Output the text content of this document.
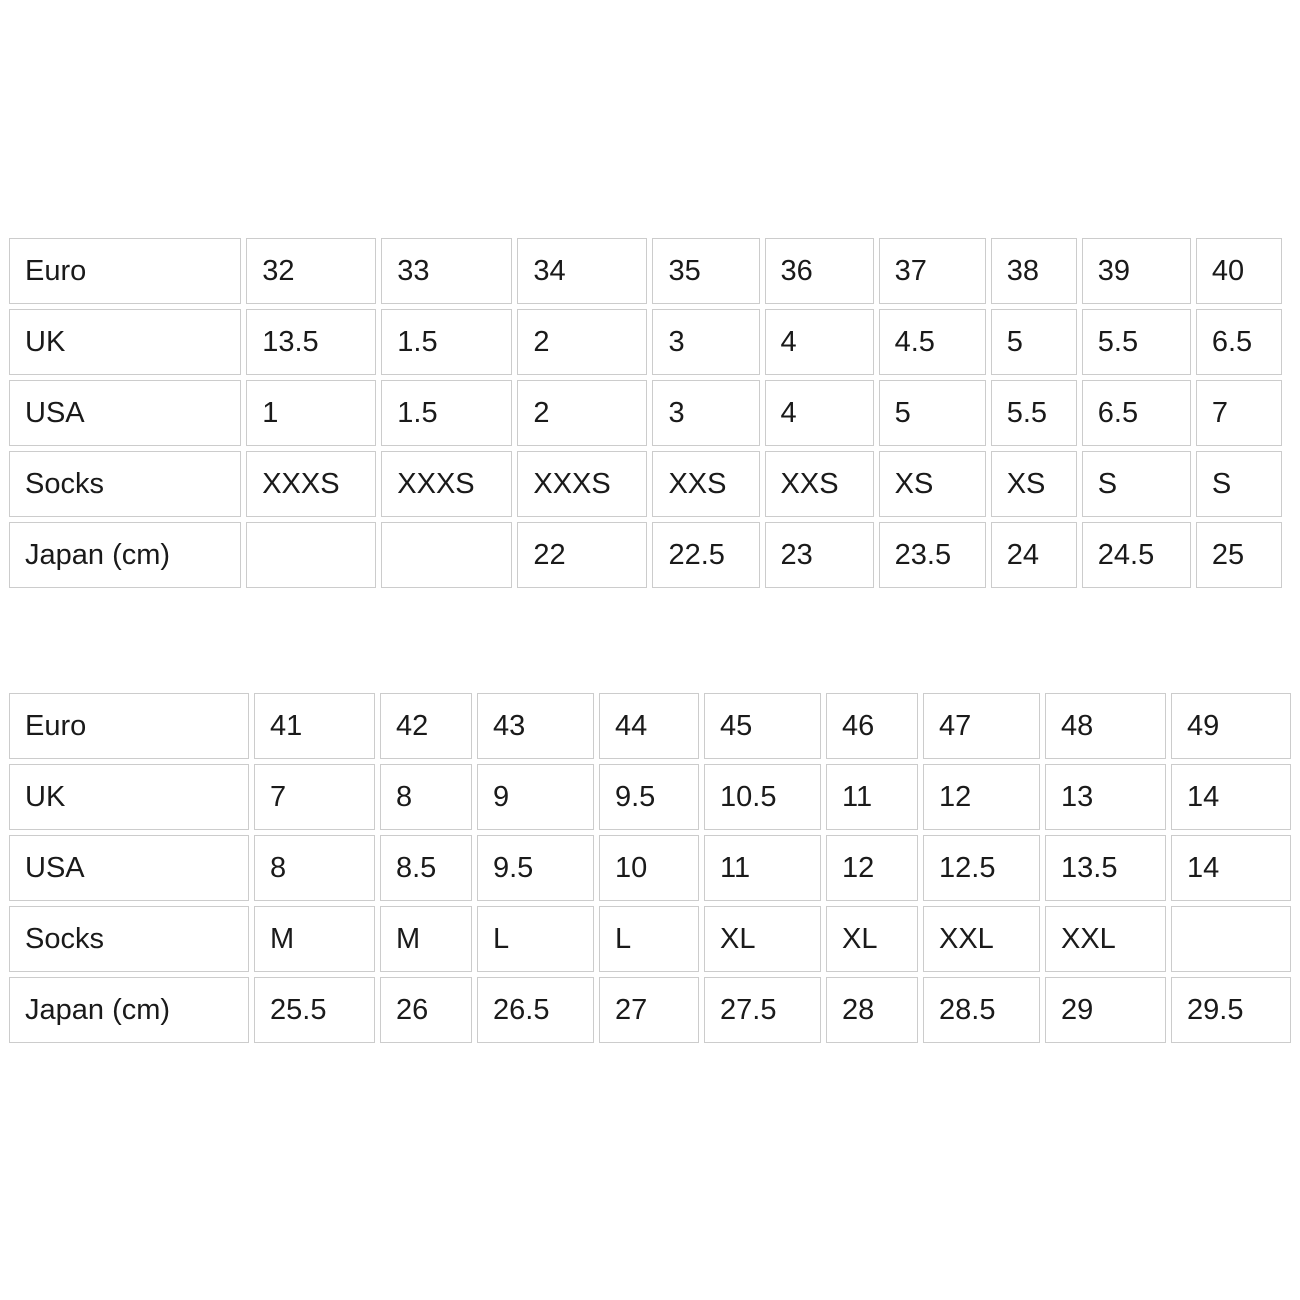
Euro	32	33	34	35	36	37	38	39	40
UK	13.5	1.5	2	3	4	4.5	5	5.5	6.5
USA	1	1.5	2	3	4	5	5.5	6.5	7
Socks	XXXS	XXXS	XXXS	XXS	XXS	XS	XS	S	S
Japan (cm)			22	22.5	23	23.5	24	24.5	25
Euro	41	42	43	44	45	46	47	48	49
UK	7	8	9	9.5	10.5	11	12	13	14
USA	8	8.5	9.5	10	11	12	12.5	13.5	14
Socks	M	M	L	L	XL	XL	XXL	XXL	
Japan (cm)	25.5	26	26.5	27	27.5	28	28.5	29	29.5
